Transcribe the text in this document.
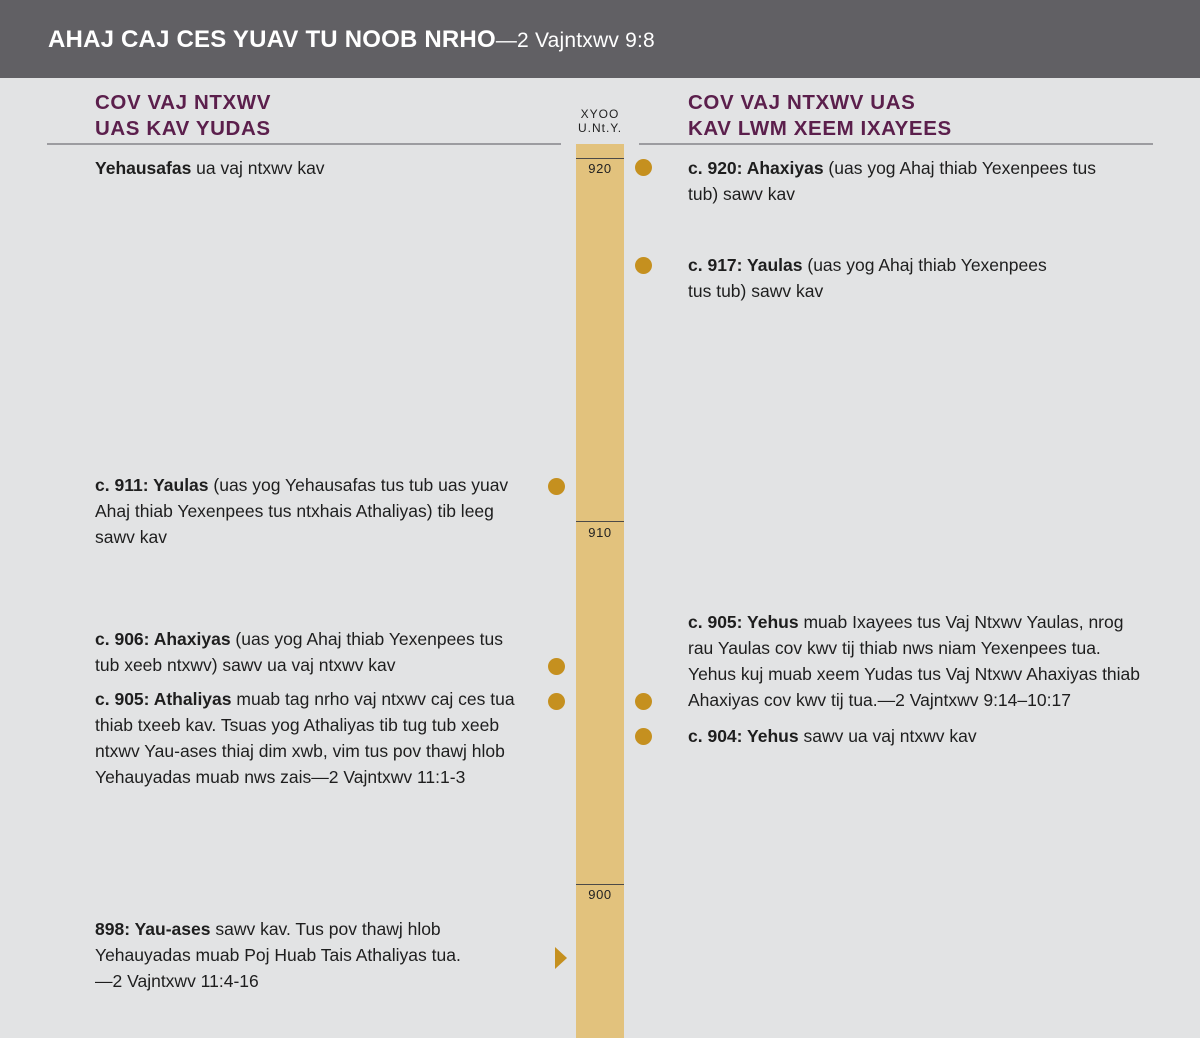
AHAJ CAJ CES YUAV TU NOOB NRHO—2 Vajntxwv 9:8
COV VAJ NTXWV
UAS KAV YUDAS
COV VAJ NTXWV UAS
KAV LWM XEEM IXAYEES
XYOO
U.Nt.Y.
920
910
900

Yehausafas ua vaj ntxwv kav

c. 911: Yaulas (uas yog Yehausafas tus tub uas yuav Ahaj thiab Yexenpees tus ntxhais Athaliyas) tib leeg sawv kav

c. 906: Ahaxiyas (uas yog Ahaj thiab Yexenpees tus tub xeeb ntxwv) sawv ua vaj ntxwv kav

c. 905: Athaliyas muab tag nrho vaj ntxwv caj ces tua thiab txeeb kav. Tsuas yog Athaliyas tib tug tub xeeb ntxwv Yau-ases thiaj dim xwb, vim tus pov thawj hlob Yehauyadas muab nws zais—2 Vajntxwv 11:1-3

898: Yau-ases sawv kav. Tus pov thawj hlob Yehauyadas muab Poj Huab Tais Athaliyas tua. —2 Vajntxwv 11:4-16

c. 920: Ahaxiyas (uas yog Ahaj thiab Yexenpees tus tub) sawv kav

c. 917: Yaulas (uas yog Ahaj thiab Yexenpees tus tub) sawv kav

c. 905: Yehus muab Ixayees tus Vaj Ntxwv Yaulas, nrog rau Yaulas cov kwv tij thiab nws niam Yexenpees tua. Yehus kuj muab xeem Yudas tus Vaj Ntxwv Ahaxiyas thiab Ahaxiyas cov kwv tij tua.—2 Vajntxwv 9:14–10:17

c. 904: Yehus sawv ua vaj ntxwv kav
